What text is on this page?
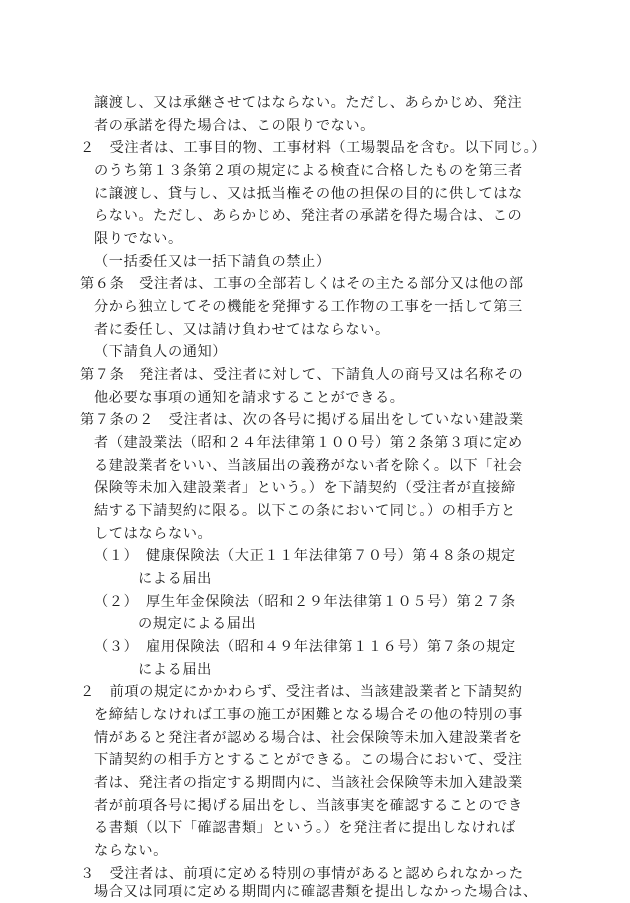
譲渡し、又は承継させてはならない。ただし、あらかじめ、発注
者の承諾を得た場合は、この限りでない。
２　受注者は、工事目的物、工事材料（工場製品を含む。以下同じ。）
のうち第１３条第２項の規定による検査に合格したものを第三者
に譲渡し、貸与し、又は抵当権その他の担保の目的に供してはな
らない。ただし、あらかじめ、発注者の承諾を得た場合は、この
限りでない。
（一括委任又は一括下請負の禁止）
第６条　受注者は、工事の全部若しくはその主たる部分又は他の部
分から独立してその機能を発揮する工作物の工事を一括して第三
者に委任し、又は請け負わせてはならない。
（下請負人の通知）
第７条　発注者は、受注者に対して、下請負人の商号又は名称その
他必要な事項の通知を請求することができる。
第７条の２　受注者は、次の各号に掲げる届出をしていない建設業
者（建設業法（昭和２４年法律第１００号）第２条第３項に定め
る建設業者をいい、当該届出の義務がない者を除く。以下「社会
保険等未加入建設業者」という。）を下請契約（受注者が直接締
結する下請契約に限る。以下この条において同じ。）の相手方と
してはならない。
（１）　健康保険法（大正１１年法律第７０号）第４８条の規定
による届出
（２）　厚生年金保険法（昭和２９年法律第１０５号）第２７条
の規定による届出
（３）　雇用保険法（昭和４９年法律第１１６号）第７条の規定
による届出
２　前項の規定にかかわらず、受注者は、当該建設業者と下請契約
を締結しなければ工事の施工が困難となる場合その他の特別の事
情があると発注者が認める場合は、社会保険等未加入建設業者を
下請契約の相手方とすることができる。この場合において、受注
者は、発注者の指定する期間内に、当該社会保険等未加入建設業
者が前項各号に掲げる届出をし、当該事実を確認することのでき
る書類（以下「確認書類」という。）を発注者に提出しなければ
ならない。
３　受注者は、前項に定める特別の事情があると認められなかった
場合又は同項に定める期間内に確認書類を提出しなかった場合は、
